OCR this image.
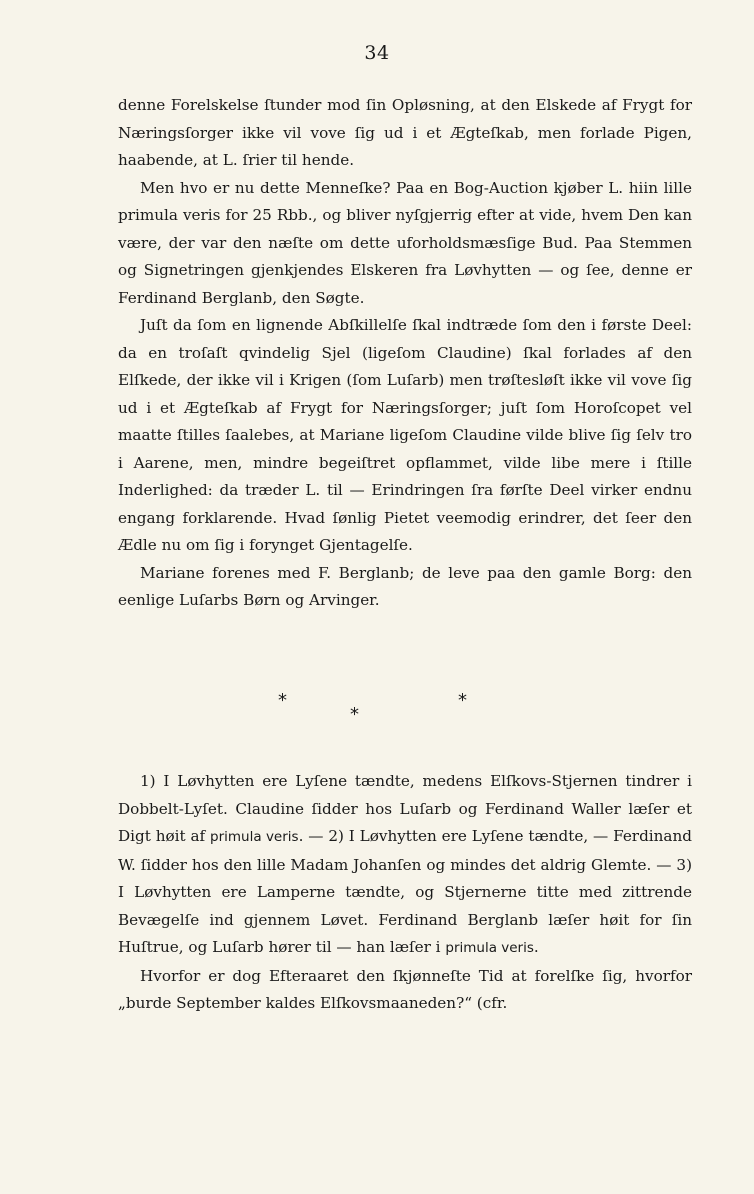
34

denne Forelskelse ſtunder mod ſin Opløsning, at den Elskede af Frygt for Næringsſorger ikke vil vove ſig ud i et Ægteſkab, men forlade Pigen, haabende, at L. ſrier til hende.

Men hvo er nu dette Menneſke? Paa en Bog-Auction kjøber L. hiin lille primula veris for 25 Rbb., og bliver nyſgjerrig efter at vide, hvem Den kan være, der var den næſte om dette uforholdsmæsſige Bud. Paa Stemmen og Signetringen gjenkjendes Elskeren fra Løvhytten — og ſee, denne er Ferdinand Berglanb, den Søgte.

Juſt da ſom en lignende Abſkillelſe ſkal indtræde ſom den i første Deel: da en troſaſt qvindelig Sjel (ligeſom Claudine) ſkal forlades af den Elſkede, der ikke vil i Krigen (ſom Luſarb) men trøſtesløſt ikke vil vove ſig ud i et Ægteſkab af Frygt for Næringsſorger; juſt ſom Horoſcopet vel maatte ſtilles ſaalebes, at Mariane ligeſom Claudine vilde blive ſig ſelv tro i Aarene, men, mindre begeiſtret opflammet, vilde libe mere i ſtille Inderlighed: da træder L. til — Erindringen ſra førſte Deel virker endnu engang forklarende. Hvad ſønlig Pietet veemodig erindrer, det ſeer den Ædle nu om ſig i forynget Gjentagelſe.

Mariane forenes med F. Berglanb; de leve paa den gamle Borg: den eenlige Luſarbs Børn og Arvinger.

*
*
*

1) I Løvhytten ere Lyſene tændte, medens Elſkovs-Stjernen tindrer i Dobbelt-Lyſet. Claudine ſidder hos Luſarb og Ferdinand Waller læſer et Digt høit af primula veris. — 2) I Løvhytten ere Lyſene tændte, — Ferdinand W. ſidder hos den lille Madam Johanſen og mindes det aldrig Glemte. — 3) I Løvhytten ere Lamperne tændte, og Stjernerne titte med zittrende Bevægelſe ind gjennem Løvet. Ferdinand Berglanb læſer høit for ſin Huſtrue, og Luſarb hører til — han læſer i primula veris.

Hvorfor er dog Efteraaret den ſkjønneſte Tid at forelſke ſig, hvorfor „burde September kaldes Elſkovsmaaneden?“ (cfr.
